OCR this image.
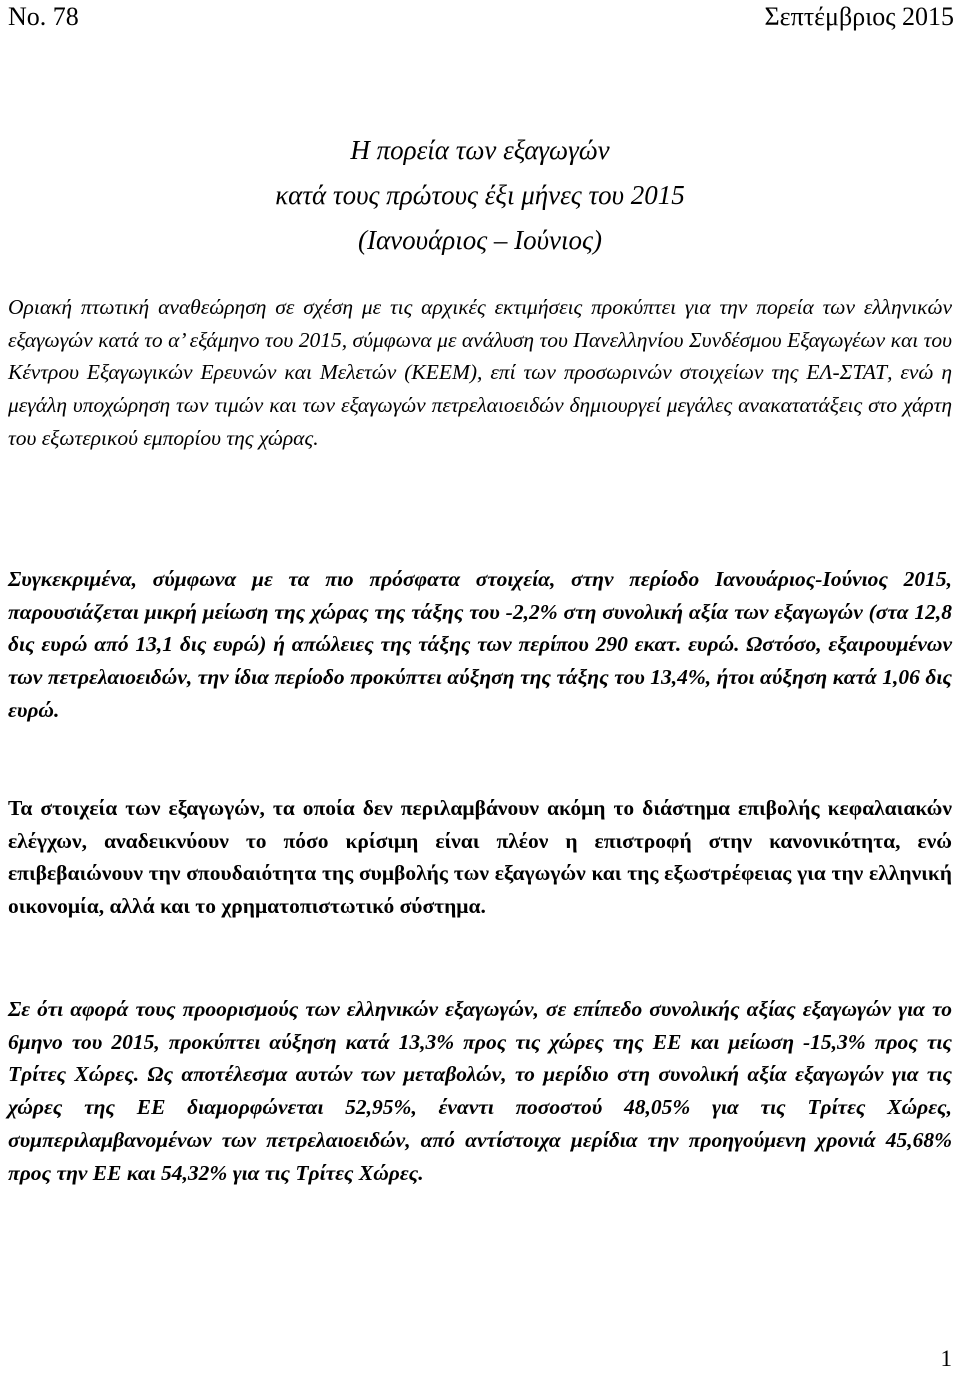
No. 78	Σεπτέμβριος 2015
Η πορεία των εξαγωγών
κατά τους πρώτους έξι μήνες του 2015
(Ιανουάριος – Ιούνιος)

Οριακή πτωτική αναθεώρηση σε σχέση με τις αρχικές εκτιμήσεις προκύπτει για την πορεία των ελληνικών εξαγωγών κατά το α’ εξάμηνο του 2015, σύμφωνα με ανάλυση του Πανελληνίου Συνδέσμου Εξαγωγέων και του Κέντρου Εξαγωγικών Ερευνών και Μελετών (ΚΕΕΜ), επί των προσωρινών στοιχείων της ΕΛ-ΣΤΑΤ, ενώ η μεγάλη υποχώρηση των τιμών και των εξαγωγών πετρελαιοειδών δημιουργεί μεγάλες ανακατατάξεις στο χάρτη του εξωτερικού εμπορίου της χώρας.

Συγκεκριμένα, σύμφωνα με τα πιο πρόσφατα στοιχεία, στην περίοδο Ιανουάριος-Ιούνιος 2015, παρουσιάζεται μικρή μείωση της χώρας της τάξης του -2,2% στη συνολική αξία των εξαγωγών (στα 12,8 δις ευρώ από 13,1 δις ευρώ) ή απώλειες της τάξης των περίπου 290 εκατ. ευρώ. Ωστόσο, εξαιρουμένων των πετρελαιοειδών, την ίδια περίοδο προκύπτει αύξηση της τάξης του 13,4%, ήτοι αύξηση κατά 1,06 δις ευρώ.

Τα στοιχεία των εξαγωγών, τα οποία δεν περιλαμβάνουν ακόμη το διάστημα επιβολής κεφαλαιακών ελέγχων, αναδεικνύουν το πόσο κρίσιμη είναι πλέον η επιστροφή στην κανονικότητα, ενώ επιβεβαιώνουν την σπουδαιότητα της συμβολής των εξαγωγών και της εξωστρέφειας για την ελληνική οικονομία, αλλά και το χρηματοπιστωτικό σύστημα.

Σε ότι αφορά τους προορισμούς των ελληνικών εξαγωγών, σε επίπεδο συνολικής αξίας εξαγωγών για το 6μηνο του 2015, προκύπτει αύξηση κατά 13,3% προς τις χώρες της ΕΕ και μείωση -15,3% προς τις Τρίτες Χώρες. Ως αποτέλεσμα αυτών των μεταβολών, το μερίδιο στη συνολική αξία εξαγωγών για τις χώρες της ΕΕ διαμορφώνεται 52,95%, έναντι ποσοστού 48,05% για τις Τρίτες Χώρες, συμπεριλαμβανομένων των πετρελαιοειδών, από αντίστοιχα μερίδια την προηγούμενη χρονιά 45,68% προς την ΕΕ και 54,32% για τις Τρίτες Χώρες.

1
